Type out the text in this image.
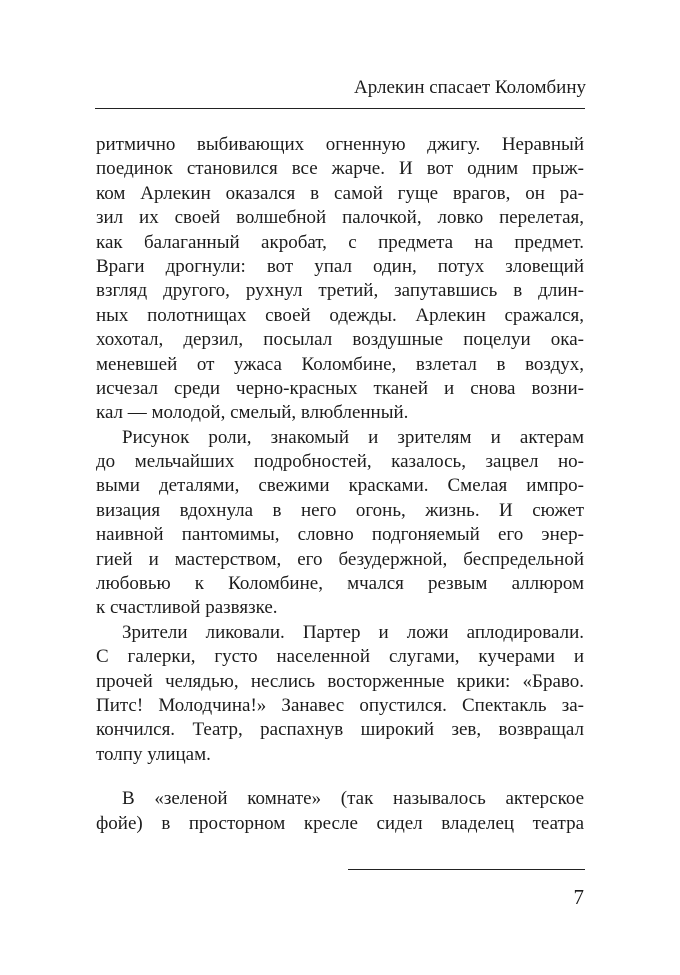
Арлекин спасает Коломбину
ритмично выбивающих огненную джигу. Неравный
поединок становился все жарче. И вот одним прыж-
ком Арлекин оказался в самой гуще врагов, он ра-
зил их своей волшебной палочкой, ловко перелетая,
как балаганный акробат, с предмета на предмет.
Враги дрогнули: вот упал один, потух зловещий
взгляд другого, рухнул третий, запутавшись в длин-
ных полотнищах своей одежды. Арлекин сражался,
хохотал, дерзил, посылал воздушные поцелуи ока-
меневшей от ужаса Коломбине, взлетал в воздух,
исчезал среди черно-красных тканей и снова возни-
кал — молодой, смелый, влюбленный.
Рисунок роли, знакомый и зрителям и актерам
до мельчайших подробностей, казалось, зацвел но-
выми деталями, свежими красками. Смелая импро-
визация вдохнула в него огонь, жизнь. И сюжет
наивной пантомимы, словно подгоняемый его энер-
гией и мастерством, его безудержной, беспредельной
любовью к Коломбине, мчался резвым аллюром
к счастливой развязке.
Зрители ликовали. Партер и ложи аплодировали.
С галерки, густо населенной слугами, кучерами и
прочей челядью, неслись восторженные крики: «Браво.
Питс! Молодчина!» Занавес опустился. Спектакль за-
кончился. Театр, распахнув широкий зев, возвращал
толпу улицам.
В «зеленой комнате» (так называлось актерское
фойе) в просторном кресле сидел владелец театра
7
